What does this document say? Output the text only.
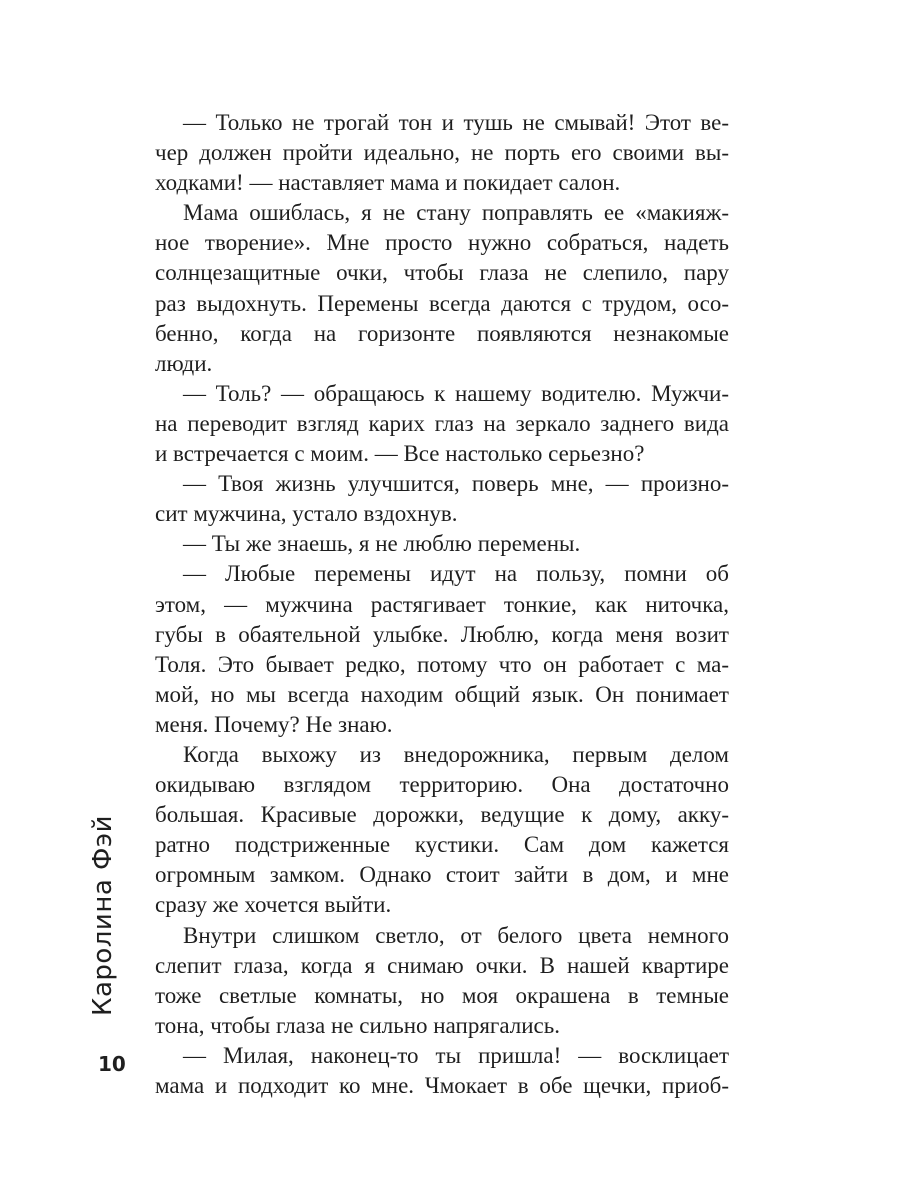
— Только не трогай тон и тушь не смывай! Этот ве-
чер должен пройти идеально, не порть его своими вы-
ходками! — наставляет мама и покидает салон.
Мама ошиблась, я не стану поправлять ее «макияж-
ное творение». Мне просто нужно собраться, надеть
солнцезащитные очки, чтобы глаза не слепило, пару
раз выдохнуть. Перемены всегда даются с трудом, осо-
бенно, когда на горизонте появляются незнакомые
люди.
— Толь? — обращаюсь к нашему водителю. Мужчи-
на переводит взгляд карих глаз на зеркало заднего вида
и встречается с моим. — Все настолько серьезно?
— Твоя жизнь улучшится, поверь мне, — произно-
сит мужчина, устало вздохнув.
— Ты же знаешь, я не люблю перемены.
— Любые перемены идут на пользу, помни об
этом, — мужчина растягивает тонкие, как ниточка,
губы в обаятельной улыбке. Люблю, когда меня возит
Толя. Это бывает редко, потому что он работает с ма-
мой, но мы всегда находим общий язык. Он понимает
меня. Почему? Не знаю.
Когда выхожу из внедорожника, первым делом
окидываю взглядом территорию. Она достаточно
большая. Красивые дорожки, ведущие к дому, акку-
ратно подстриженные кустики. Сам дом кажется
огромным замком. Однако стоит зайти в дом, и мне
сразу же хочется выйти.
Внутри слишком светло, от белого цвета немного
слепит глаза, когда я снимаю очки. В нашей квартире
тоже светлые комнаты, но моя окрашена в темные
тона, чтобы глаза не сильно напрягались.
— Милая, наконец-то ты пришла! — восклицает
мама и подходит ко мне. Чмокает в обе щечки, приоб-
Каролина Фэй
10
